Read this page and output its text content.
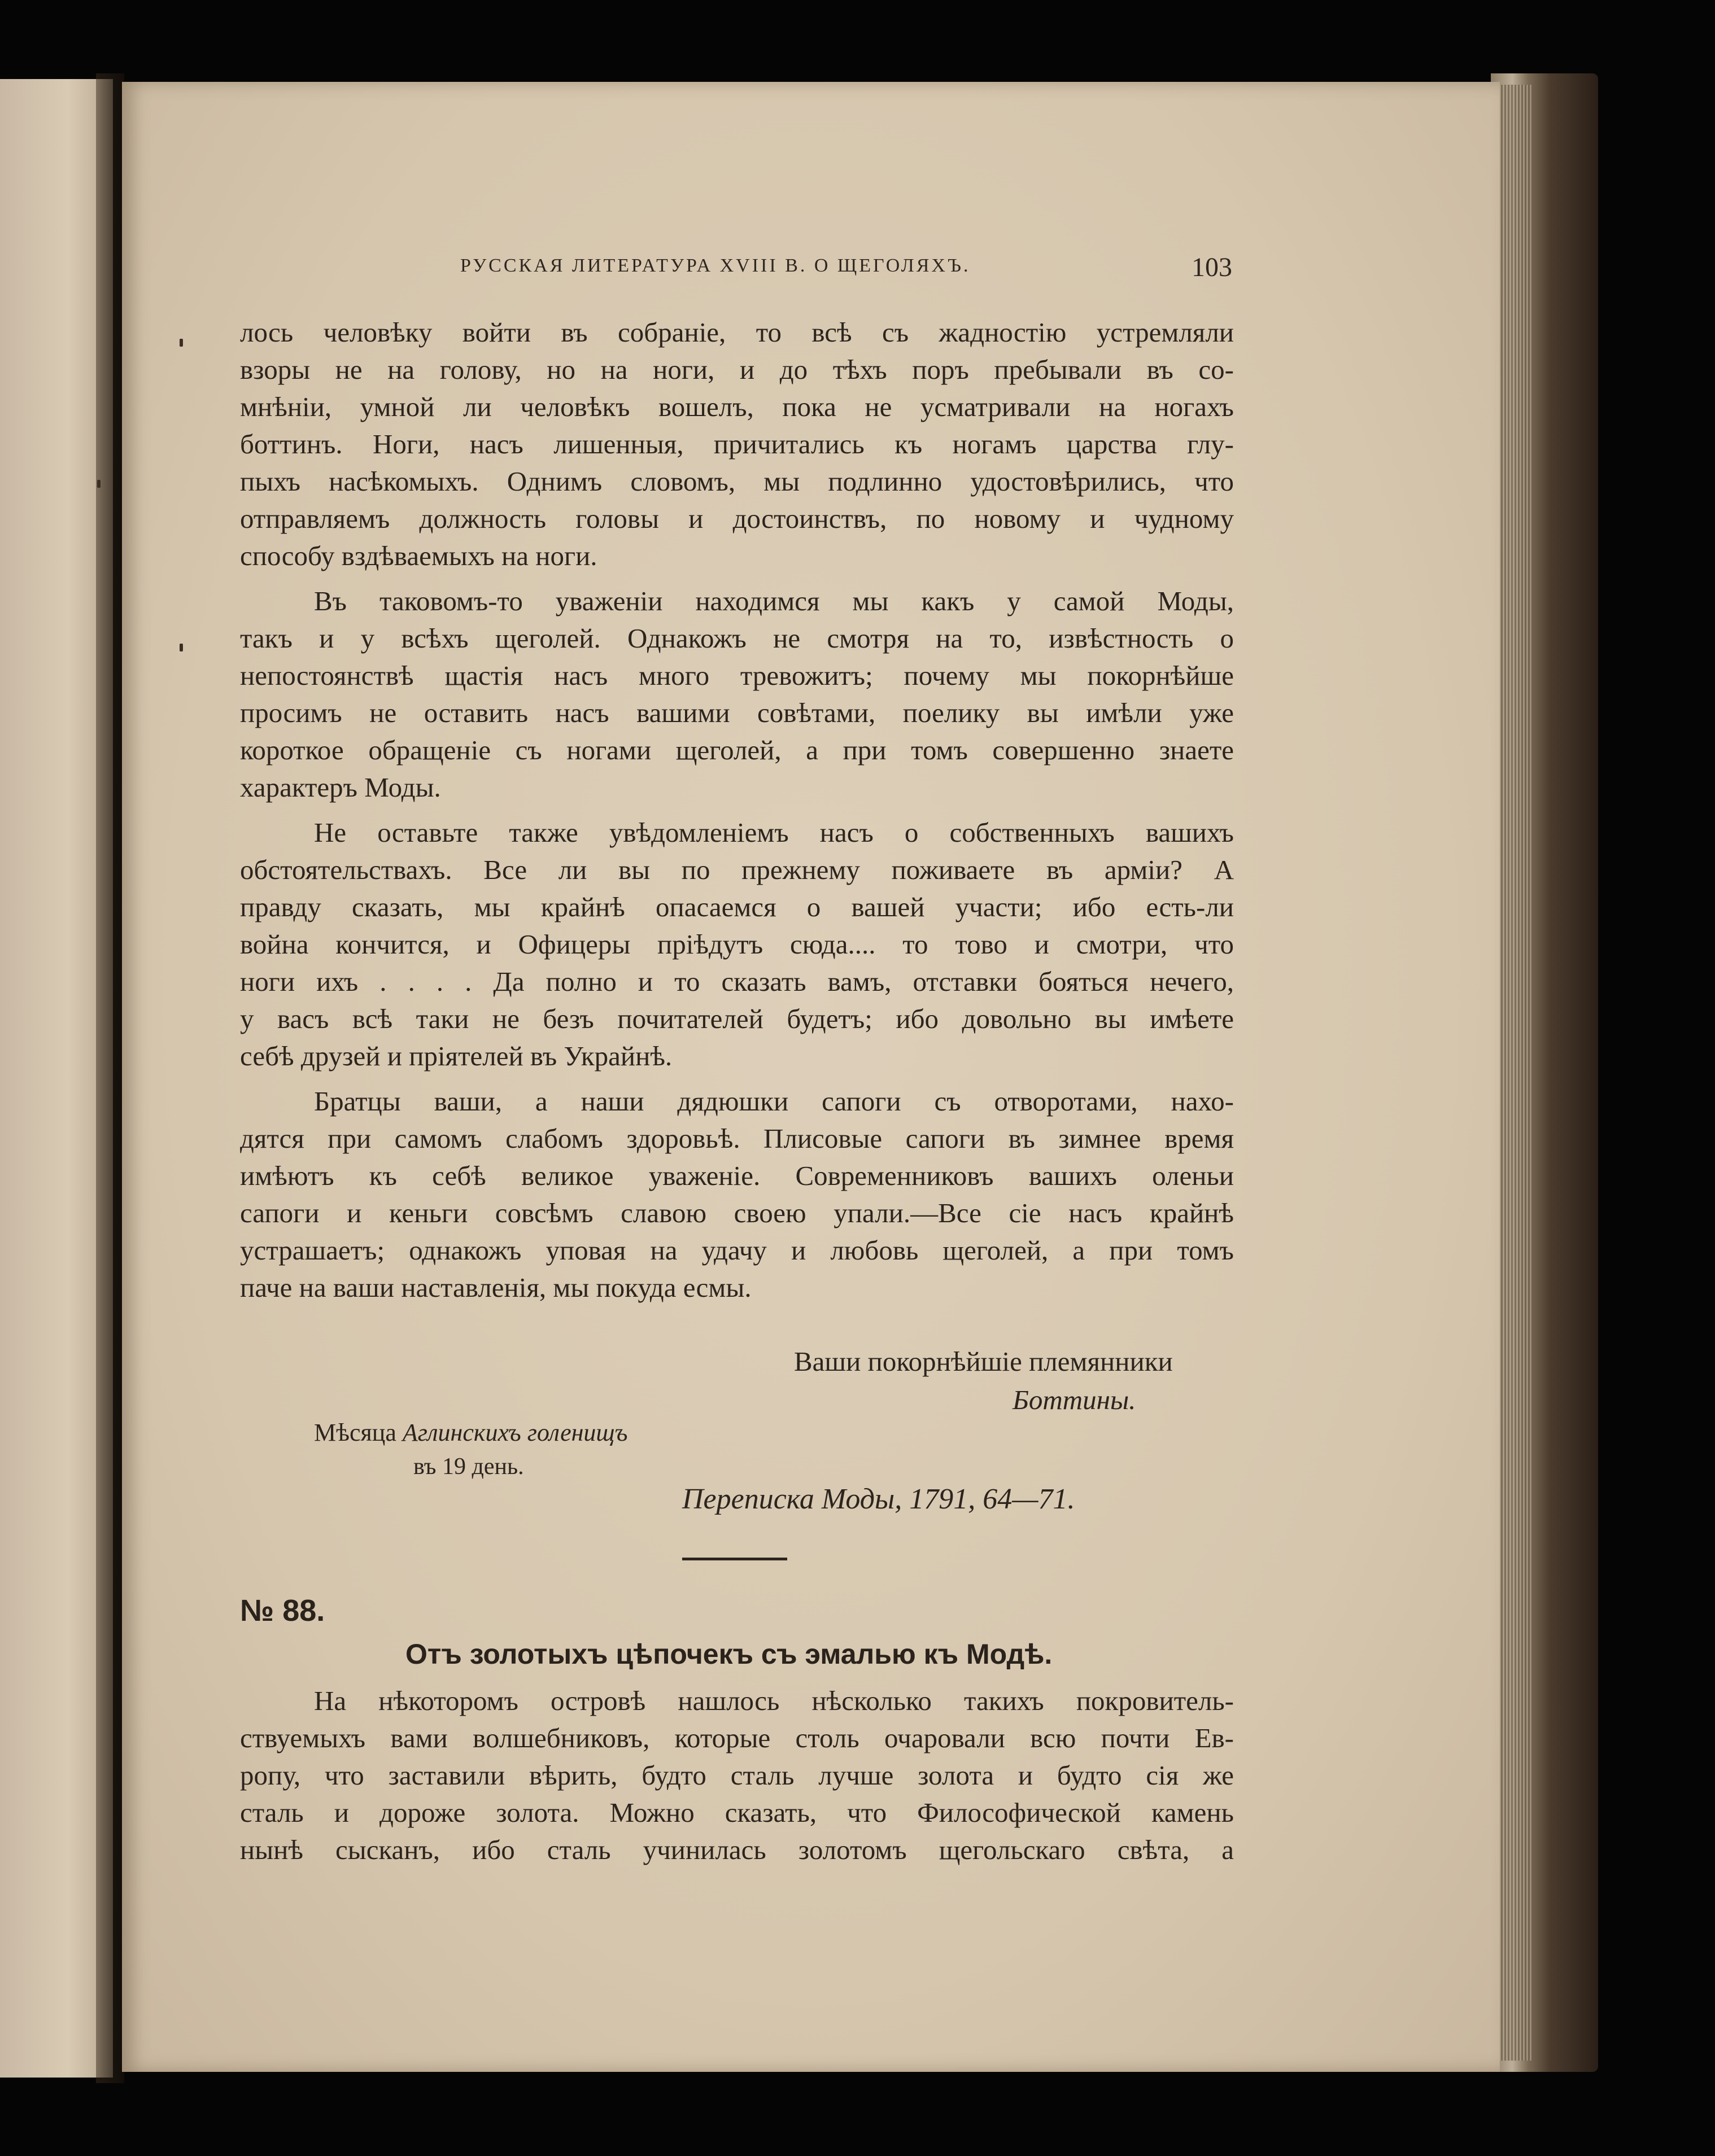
РУССКАЯ ЛИТЕРАТУРА XVIII В. О ЩЕГОЛЯХЪ.	103
лось человѣку войти въ собраніе, то всѣ съ жадностію устремляли
взоры не на голову, но на ноги, и до тѣхъ поръ пребывали въ со-
мнѣніи, умной ли человѣкъ вошелъ, пока не усматривали на ногахъ
боттинъ. Ноги, насъ лишенныя, причитались къ ногамъ царства глу-
пыхъ насѣкомыхъ. Однимъ словомъ, мы подлинно удостовѣрились, что
отправляемъ должность головы и достоинствъ, по новому и чудному
способу вздѣваемыхъ на ноги.
Въ таковомъ-то уваженіи находимся мы какъ у самой Моды,
такъ и у всѣхъ щеголей. Однакожъ не смотря на то, извѣстность о
непостоянствѣ щастія насъ много тревожитъ; почему мы покорнѣйше
просимъ не оставить насъ вашими совѣтами, поелику вы имѣли уже
короткое обращеніе съ ногами щеголей, а при томъ совершенно знаете
характеръ Моды.
Не оставьте также увѣдомленіемъ насъ о собственныхъ вашихъ
обстоятельствахъ. Все ли вы по прежнему поживаете въ арміи? А
правду сказать, мы крайнѣ опасаемся о вашей участи; ибо есть-ли
война кончится, и Офицеры пріѣдутъ сюда.... то тово и смотри, что
ноги ихъ . . . . Да полно и то сказать вамъ, отставки бояться нечего,
у васъ всѣ таки не безъ почитателей будетъ; ибо довольно вы имѣете
себѣ друзей и пріятелей въ Украйнѣ.
Братцы ваши, а наши дядюшки сапоги съ отворотами, нахо-
дятся при самомъ слабомъ здоровьѣ. Плисовые сапоги въ зимнее время
имѣютъ къ себѣ великое уваженіе. Современниковъ вашихъ оленьи
сапоги и кеньги совсѣмъ славою своею упали.—Все сіе насъ крайнѣ
устрашаетъ; однакожъ уповая на удачу и любовь щеголей, а при томъ
паче на ваши наставленія, мы покуда есмы.
Ваши покорнѣйшіе племянники
Боттины.
Мѣсяца Аглинскихъ голенищъ
въ 19 день.
Переписка Моды, 1791, 64—71.
№ 88.
Отъ золотыхъ цѣпочекъ съ эмалью къ Модѣ.
На нѣкоторомъ островѣ нашлось нѣсколько такихъ покровитель-
ствуемыхъ вами волшебниковъ, которые столь очаровали всю почти Ев-
ропу, что заставили вѣрить, будто сталь лучше золота и будто сія же
сталь и дороже золота. Можно сказать, что Философической камень
нынѣ сысканъ, ибо сталь учинилась золотомъ щегольскаго свѣта, а
